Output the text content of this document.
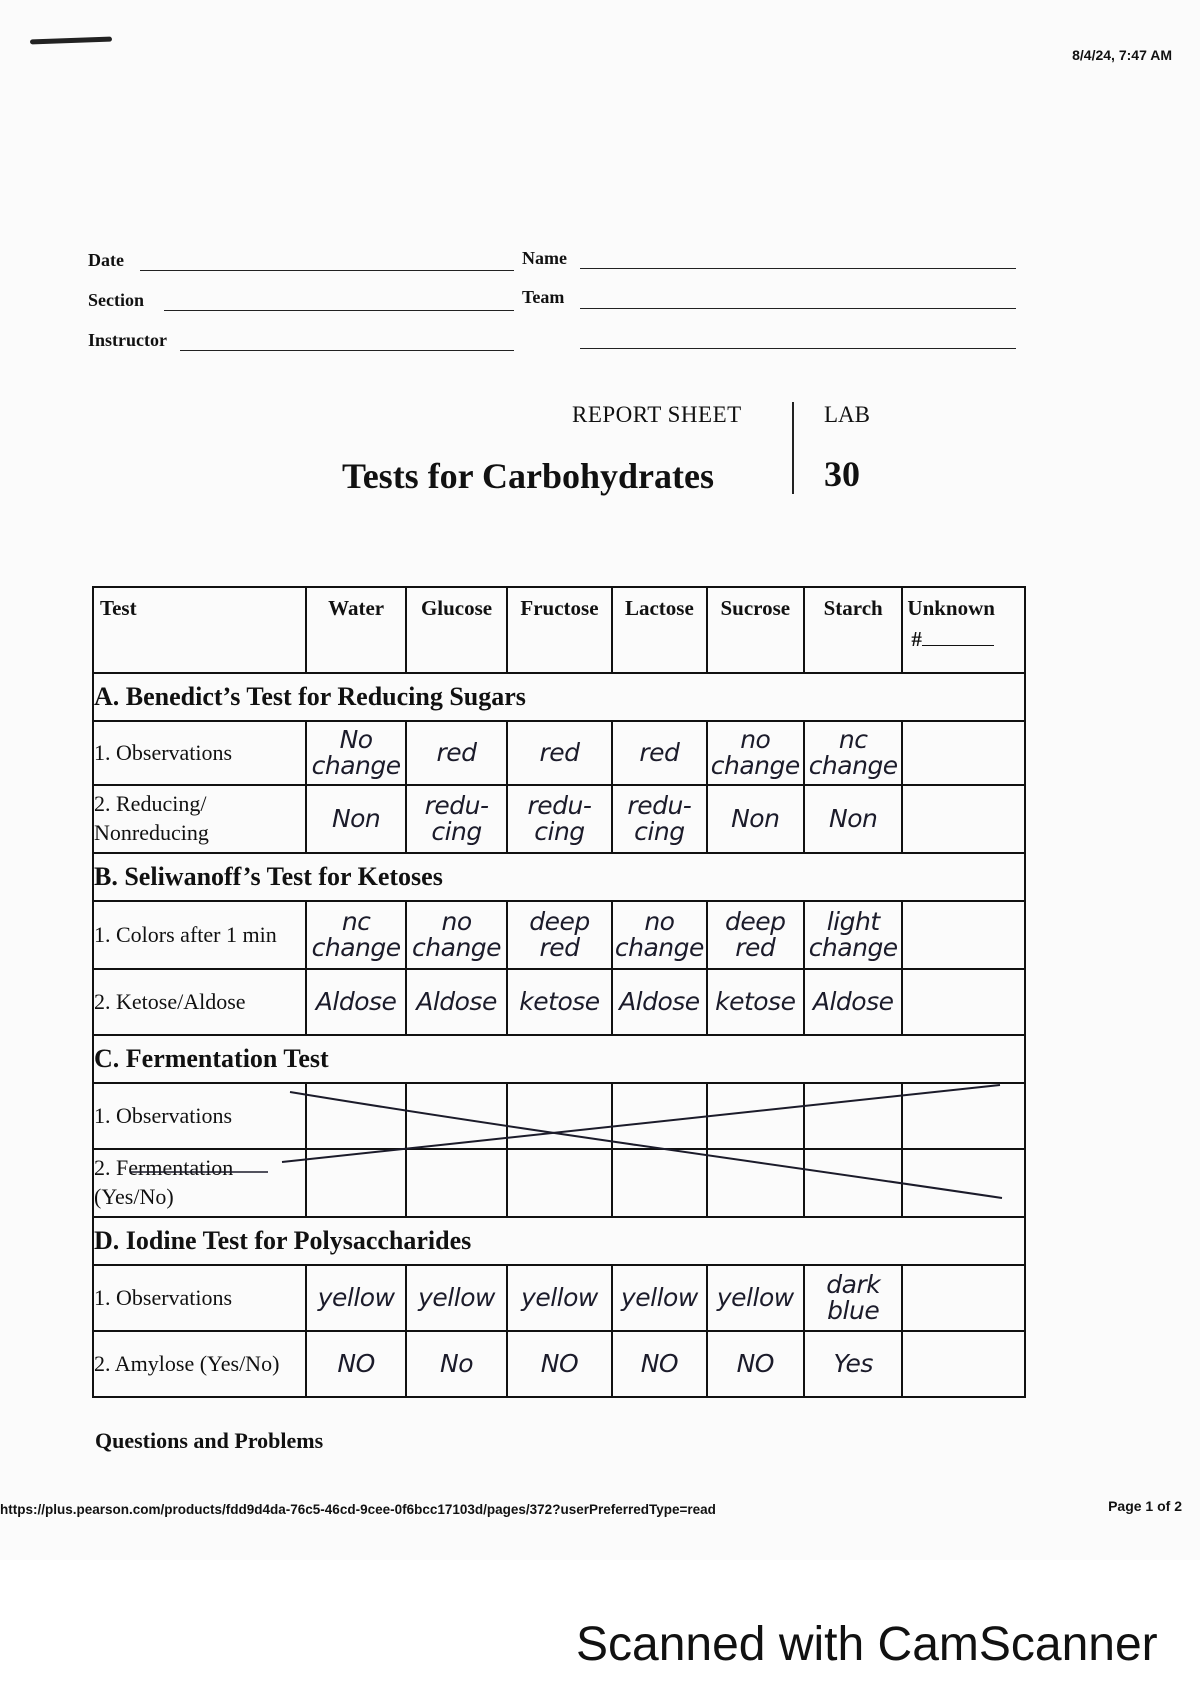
8/4/24, 7:47 AM
Date	Name
Section	Team
Instructor
REPORT SHEET	LAB
Tests for Carbohydrates	30
Test	Water	Glucose	Fructose	Lactose	Sucrose	Starch	Unknown
#

A. Benedict’s Test for Reducing Sugars							
1. Observations	No change	red	red	red	no change	nc change	
2. Reducing/ Nonreducing	Non	redu- cing	redu- cing	redu- cing	Non	Non	
B. Seliwanoff’s Test for Ketoses							
1. Colors after 1 min	nc change	no change	deep red	no change	deep red	light change	
2. Ketose/Aldose	Aldose	Aldose	ketose	Aldose	ketose	Aldose	
C. Fermentation Test							
1. Observations							
2. Fermentation (Yes/No)							
D. Iodine Test for Polysaccharides							
1. Observations	yellow	yellow	yellow	yellow	yellow	dark blue	
2. Amylose (Yes/No)	NO	No	NO	NO	NO	Yes	
Questions and Problems
https://plus.pearson.com/products/fdd9d4da-76c5-46cd-9cee-0f6bcc17103d/pages/372?userPreferredType=read	Page 1 of 2
Scanned with CamScanner
